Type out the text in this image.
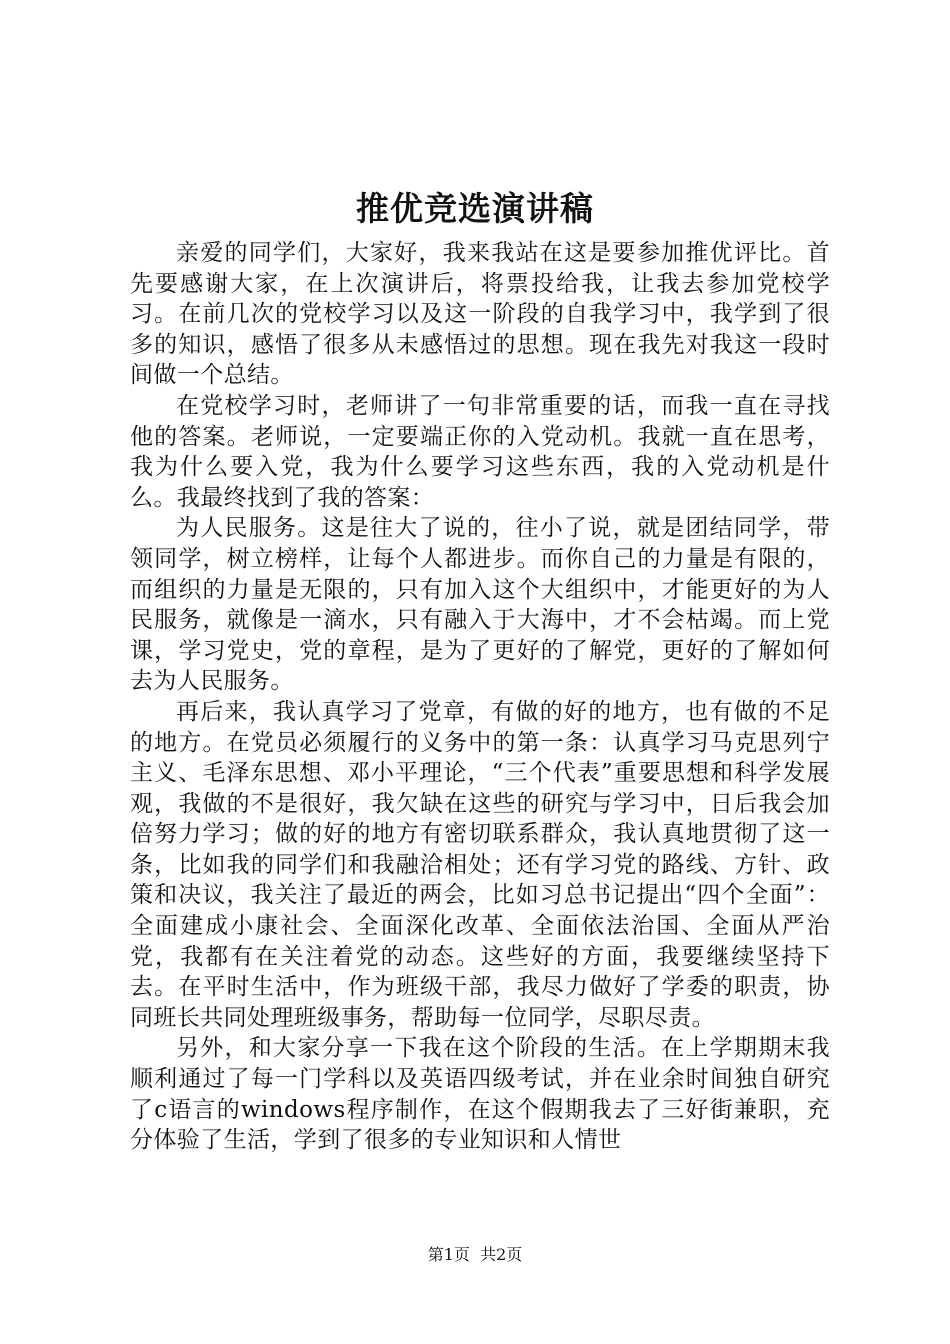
推优竞选演讲稿

亲爱的同学们，大家好，我来我站在这是要参加推优评比。首先要感谢大家，在上次演讲后，将票投给我，让我去参加党校学习。在前几次的党校学习以及这一阶段的自我学习中，我学到了很多的知识，感悟了很多从未感悟过的思想。现在我先对我这一段时间做一个总结。

在党校学习时，老师讲了一句非常重要的话，而我一直在寻找他的答案。老师说，一定要端正你的入党动机。我就一直在思考，我为什么要入党，我为什么要学习这些东西，我的入党动机是什么。我最终找到了我的答案：

为人民服务。这是往大了说的，往小了说，就是团结同学，带领同学，树立榜样，让每个人都进步。而你自己的力量是有限的，而组织的力量是无限的，只有加入这个大组织中，才能更好的为人民服务，就像是一滴水，只有融入于大海中，才不会枯竭。而上党课，学习党史，党的章程，是为了更好的了解党，更好的了解如何去为人民服务。

再后来，我认真学习了党章，有做的好的地方，也有做的不足的地方。在党员必须履行的义务中的第一条：认真学习马克思列宁主义、毛泽东思想、邓小平理论，“三个代表”重要思想和科学发展观，我做的不是很好，我欠缺在这些的研究与学习中，日后我会加倍努力学习；做的好的地方有密切联系群众，我认真地贯彻了这一条，比如我的同学们和我融洽相处；还有学习党的路线、方针、政策和决议，我关注了最近的两会，比如习总书记提出“四个全面”：全面建成小康社会、全面深化改革、全面依法治国、全面从严治党，我都有在关注着党的动态。这些好的方面，我要继续坚持下去。在平时生活中，作为班级干部，我尽力做好了学委的职责，协同班长共同处理班级事务，帮助每一位同学，尽职尽责。

另外，和大家分享一下我在这个阶段的生活。在上学期期末我顺利通过了每一门学科以及英语四级考试，并在业余时间独自研究了c语言的windows程序制作，在这个假期我去了三好街兼职，充分体验了生活，学到了很多的专业知识和人情世

第1页  共2页
